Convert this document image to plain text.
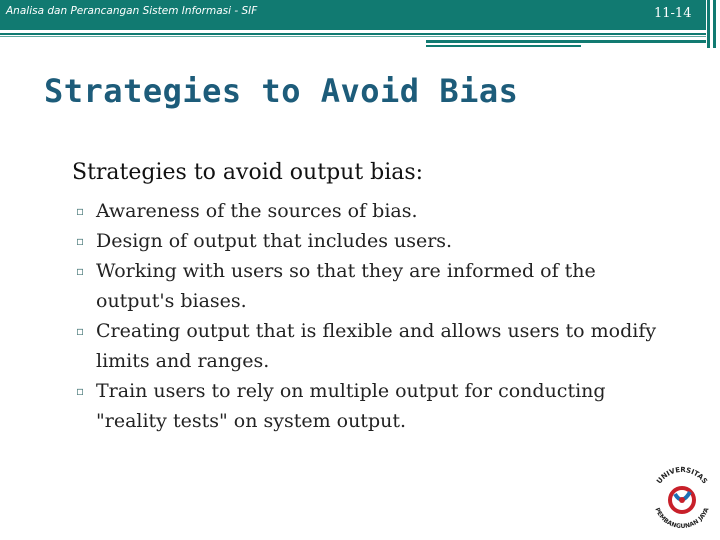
Analisa dan Perancangan Sistem Informasi - SIF	11-14
Strategies to Avoid Bias
Strategies to avoid output bias:
▫ Awareness of the sources of bias.
▫ Design of output that includes users.
▫ Working with users so that they are informed of the output's biases.
▫ Creating output that is flexible and allows users to modify limits and ranges.
▫ Train users to rely on multiple output for conducting "reality tests" on system output.
UNIVERSITAS
PEMBANGUNAN JAYA
